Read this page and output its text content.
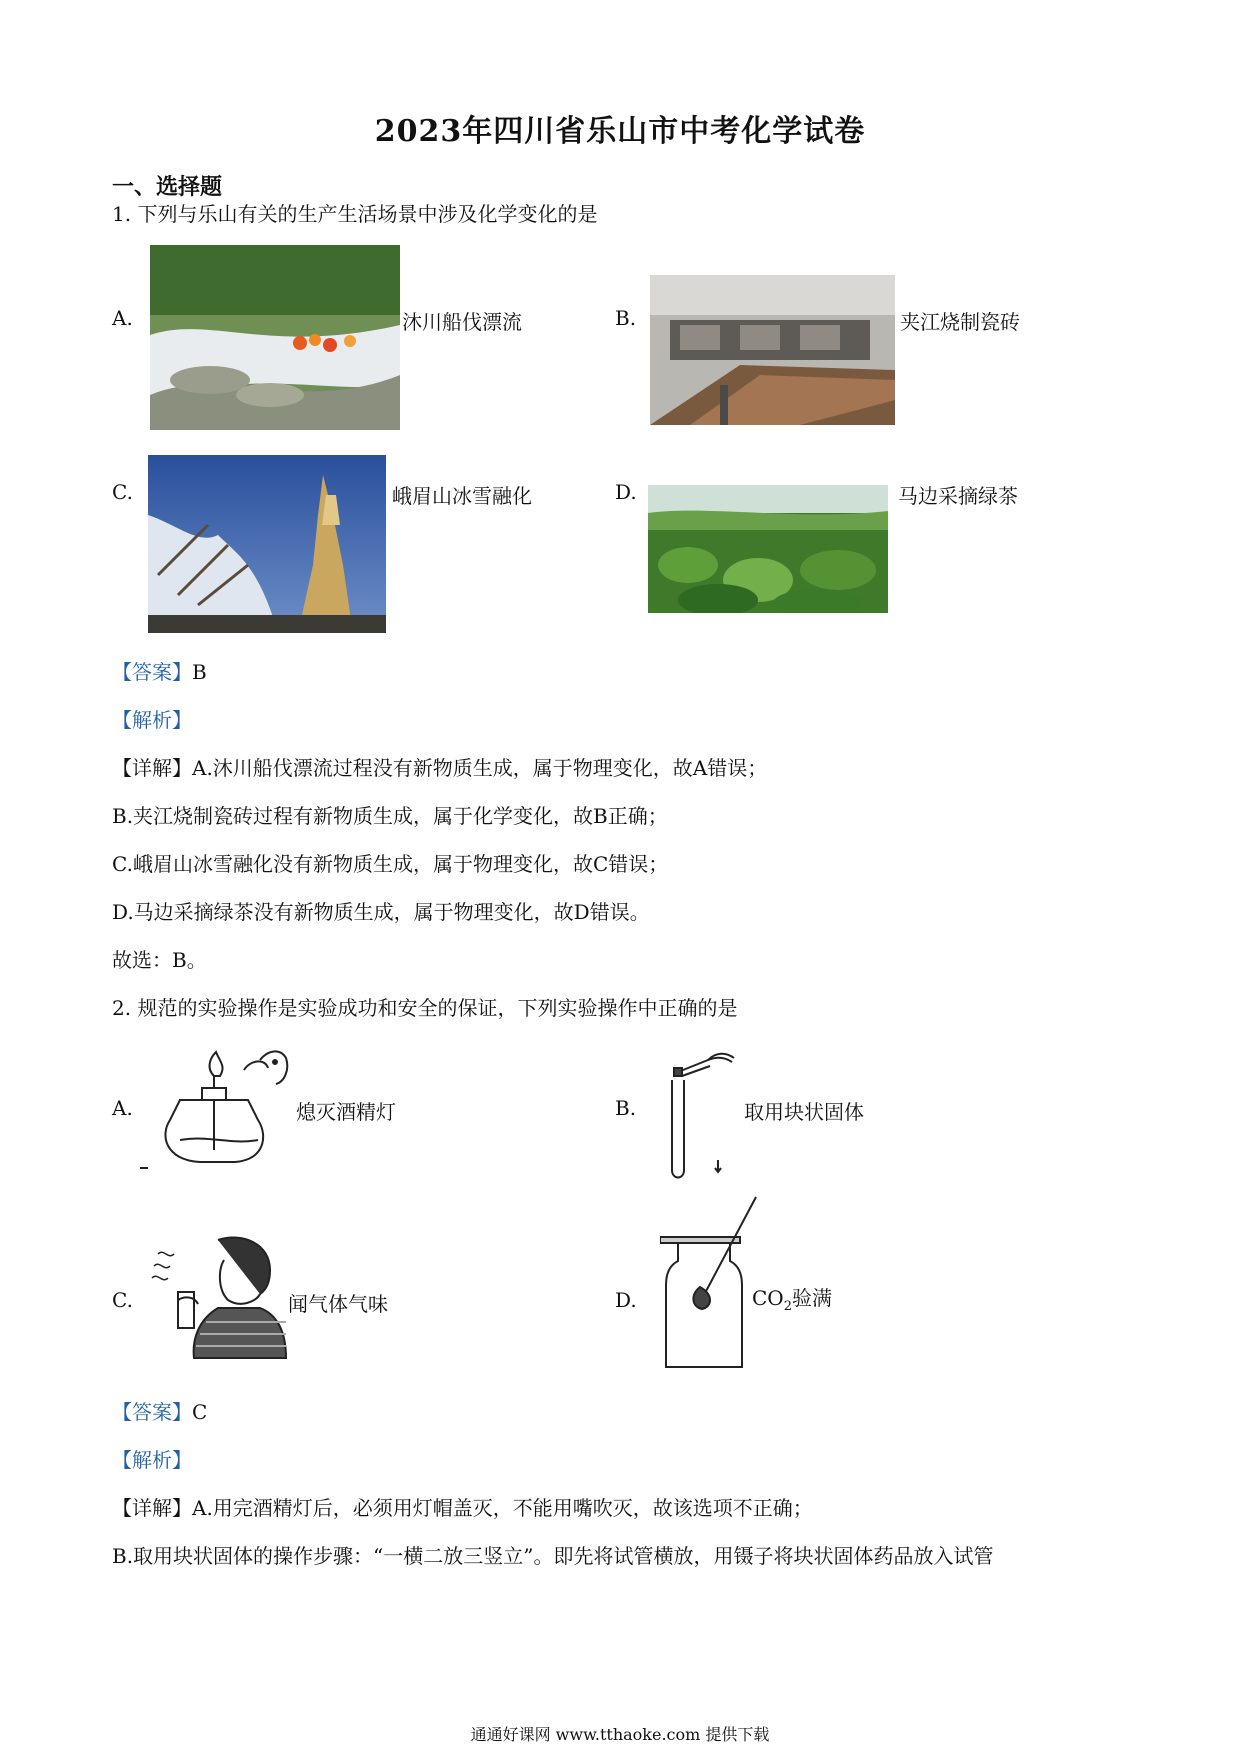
2023年四川省乐山市中考化学试卷
一、选择题
1. 下列与乐山有关的生产生活场景中涉及化学变化的是
A.	沐川船伐漂流	B.	夹江烧制瓷砖
C.	峨眉山冰雪融化	D.	马边采摘绿茶
【答案】B
【解析】
【详解】A.沐川船伐漂流过程没有新物质生成，属于物理变化，故A错误；
B.夹江烧制瓷砖过程有新物质生成，属于化学变化，故B正确；
C.峨眉山冰雪融化没有新物质生成，属于物理变化，故C错误；
D.马边采摘绿茶没有新物质生成，属于物理变化，故D错误。
故选：B。
2. 规范的实验操作是实验成功和安全的保证，下列实验操作中正确的是
A.	熄灭酒精灯	B.	取用块状固体
C.	闻气体气味	D.	$CO_2$验满
【答案】C
【解析】
【详解】A.用完酒精灯后，必须用灯帽盖灭，不能用嘴吹灭，故该选项不正确；
B.取用块状固体的操作步骤：“一横二放三竖立”。即先将试管横放，用镊子将块状固体药品放入试管
通通好课网 www.tthaoke.com 提供下载
